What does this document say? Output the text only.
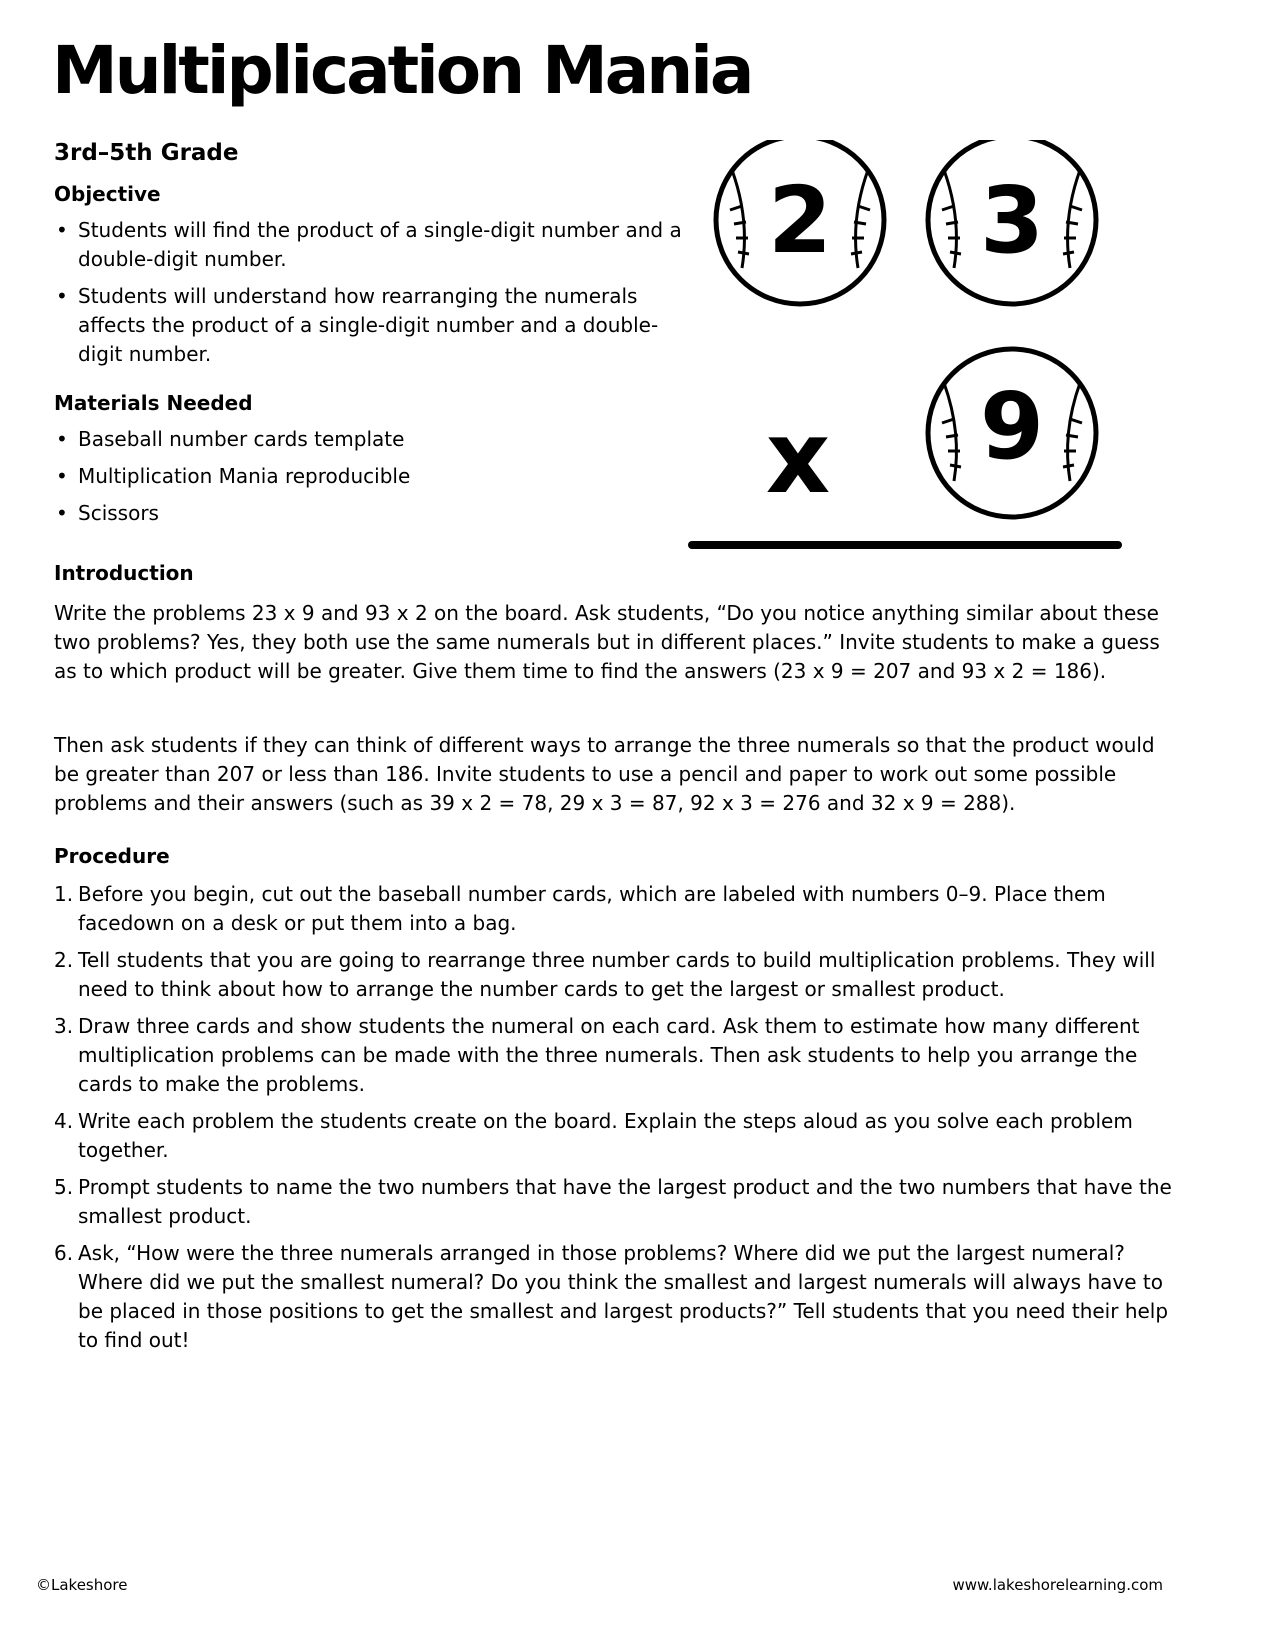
Multiplication Mania
3rd–5th Grade
Objective
• Students will find the product of a single-digit number and a double-digit number.
• Students will understand how rearranging the numerals affects the product of a single-digit number and a double-digit number.
Materials Needed
• Baseball number cards template
• Multiplication Mania reproducible
• Scissors
2 3
9
x
Introduction

Write the problems 23 x 9 and 93 x 2 on the board. Ask students, “Do you notice anything similar about these two problems? Yes, they both use the same numerals but in different places.” Invite students to make a guess as to which product will be greater. Give them time to find the answers (23 x 9 = 207 and 93 x 2 = 186).

Then ask students if they can think of different ways to arrange the three numerals so that the product would be greater than 207 or less than 186. Invite students to use a pencil and paper to work out some possible problems and their answers (such as 39 x 2 = 78, 29 x 3 = 87, 92 x 3 = 276 and 32 x 9 = 288).

Procedure
1. Before you begin, cut out the baseball number cards, which are labeled with numbers 0–9. Place them facedown on a desk or put them into a bag.
2. Tell students that you are going to rearrange three number cards to build multiplication problems. They will need to think about how to arrange the number cards to get the largest or smallest product.
3. Draw three cards and show students the numeral on each card. Ask them to estimate how many different multiplication problems can be made with the three numerals. Then ask students to help you arrange the cards to make the problems.
4. Write each problem the students create on the board. Explain the steps aloud as you solve each problem together.
5. Prompt students to name the two numbers that have the largest product and the two numbers that have the smallest product.
6. Ask, “How were the three numerals arranged in those problems? Where did we put the largest numeral? Where did we put the smallest numeral? Do you think the smallest and largest numerals will always have to be placed in those positions to get the smallest and largest products?” Tell students that you need their help to find out!
©Lakeshore	www.lakeshorelearning.com
